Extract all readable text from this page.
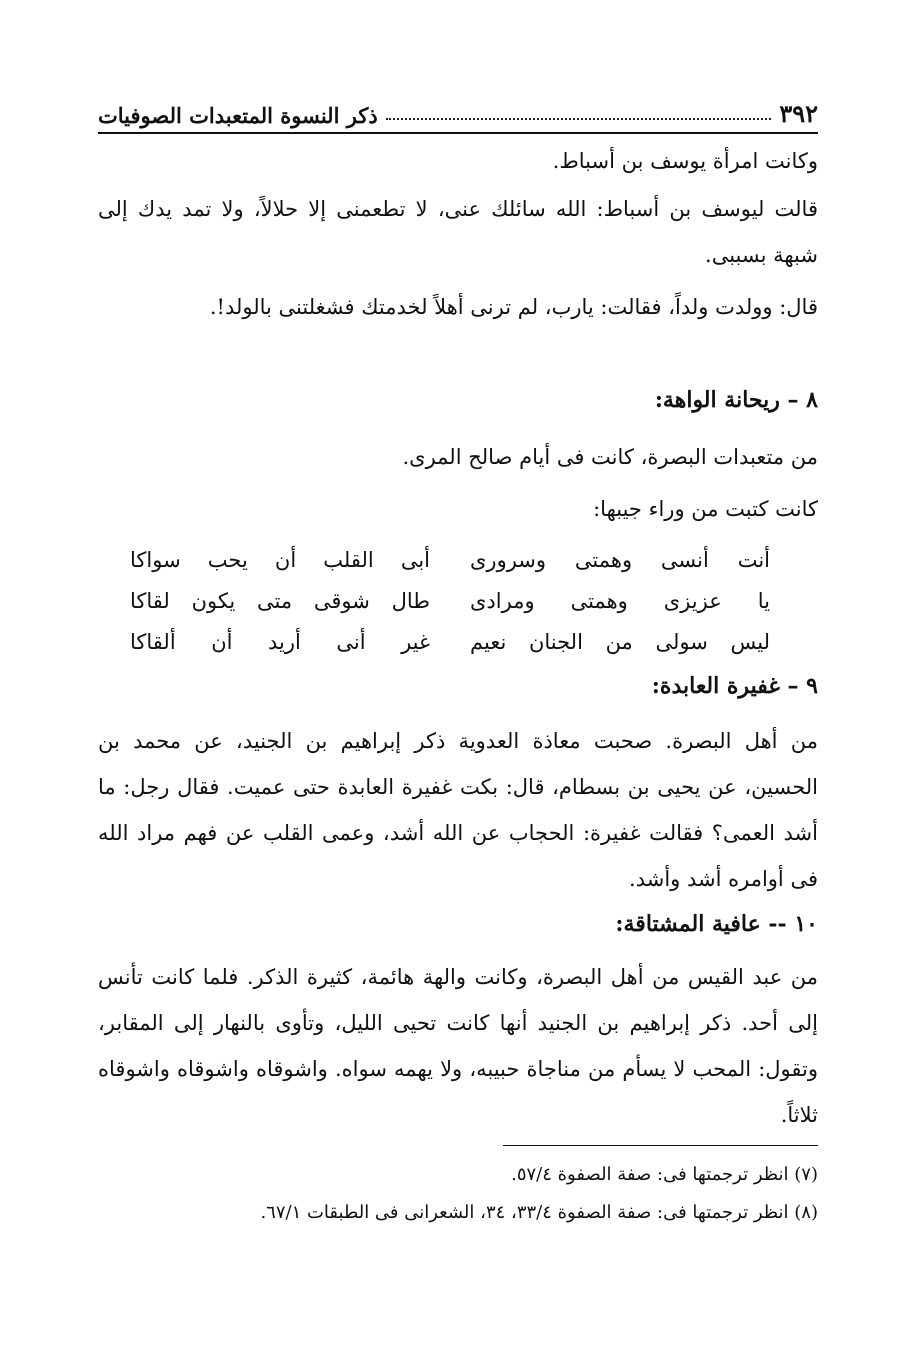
٣٩٢
ذكر النسوة المتعبدات الصوفيات

وكانت امرأة يوسف بن أسباط.

قالت ليوسف بن أسباط: الله سائلك عنى، لا تطعمنى إلا حلالاً، ولا تمد يدك إلى شبهة بسببى.

قال: وولدت ولداً، فقالت: يارب، لم ترنى أهلاً لخدمتك فشغلتنى بالولد!.

٨ – ريحانة الواهة:

من متعبدات البصرة، كانت فى أيام صالح المرى.

كانت كتبت من وراء جيبها:

أنت أنسى وهمتى وسرورى
أبى القلب أن يحب سواكا
يا عزيزى وهمتى ومرادى
طال شوقى متى يكون لقاكا
ليس سولى من الجنان نعيم
غير أنى أريد أن ألقاكا
٩ – غفيرة العابدة:

من أهل البصرة. صحبت معاذة العدوية ذكر إبراهيم بن الجنيد، عن محمد بن الحسين، عن يحيى بن بسطام، قال: بكت غفيرة العابدة حتى عميت. فقال رجل: ما أشد العمى؟ فقالت غفيرة: الحجاب عن الله أشد، وعمى القلب عن فهم مراد الله فى أوامره أشد وأشد.

١٠ -- عافية المشتاقة:

من عبد القيس من أهل البصرة، وكانت والهة هائمة، كثيرة الذكر. فلما كانت تأنس إلى أحد. ذكر إبراهيم بن الجنيد أنها كانت تحيى الليل، وتأوى بالنهار إلى المقابر، وتقول: المحب لا يسأم من مناجاة حبيبه، ولا يهمه سواه. واشوقاه واشوقاه واشوقاه ثلاثاً.

(٧) انظر ترجمتها فى: صفة الصفوة ٥٧/٤.
(٨) انظر ترجمتها فى: صفة الصفوة ٣٣/٤، ٣٤، الشعرانى فى الطبقات ٦٧/١.
